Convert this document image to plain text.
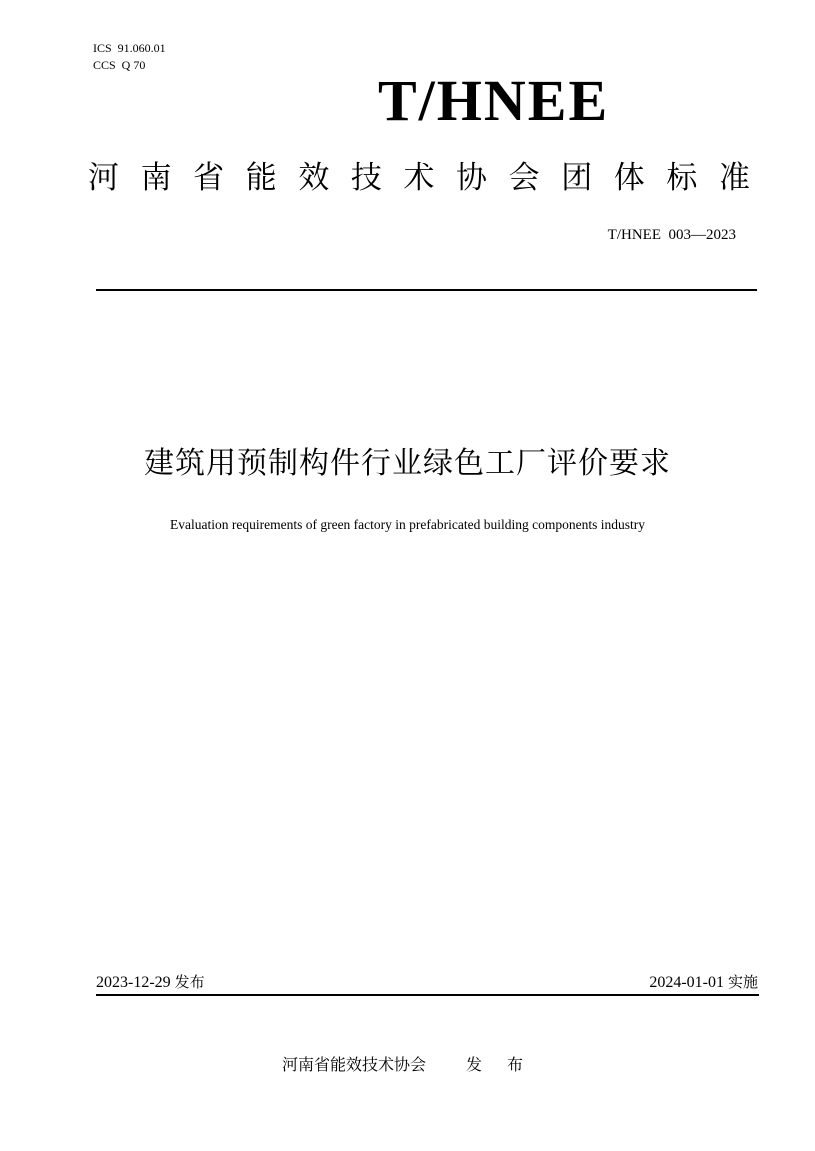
ICS  91.060.01
CCS  Q 70
T/HNEE
河 南 省 能 效 技 术 协 会 团 体 标 准
T/HNEE  003—2023
建筑用预制构件行业绿色工厂评价要求
Evaluation requirements of green factory in prefabricated building components industry
2023-12-29 发布	2024-01-01 实施
河南省能效技术协会	发 布
